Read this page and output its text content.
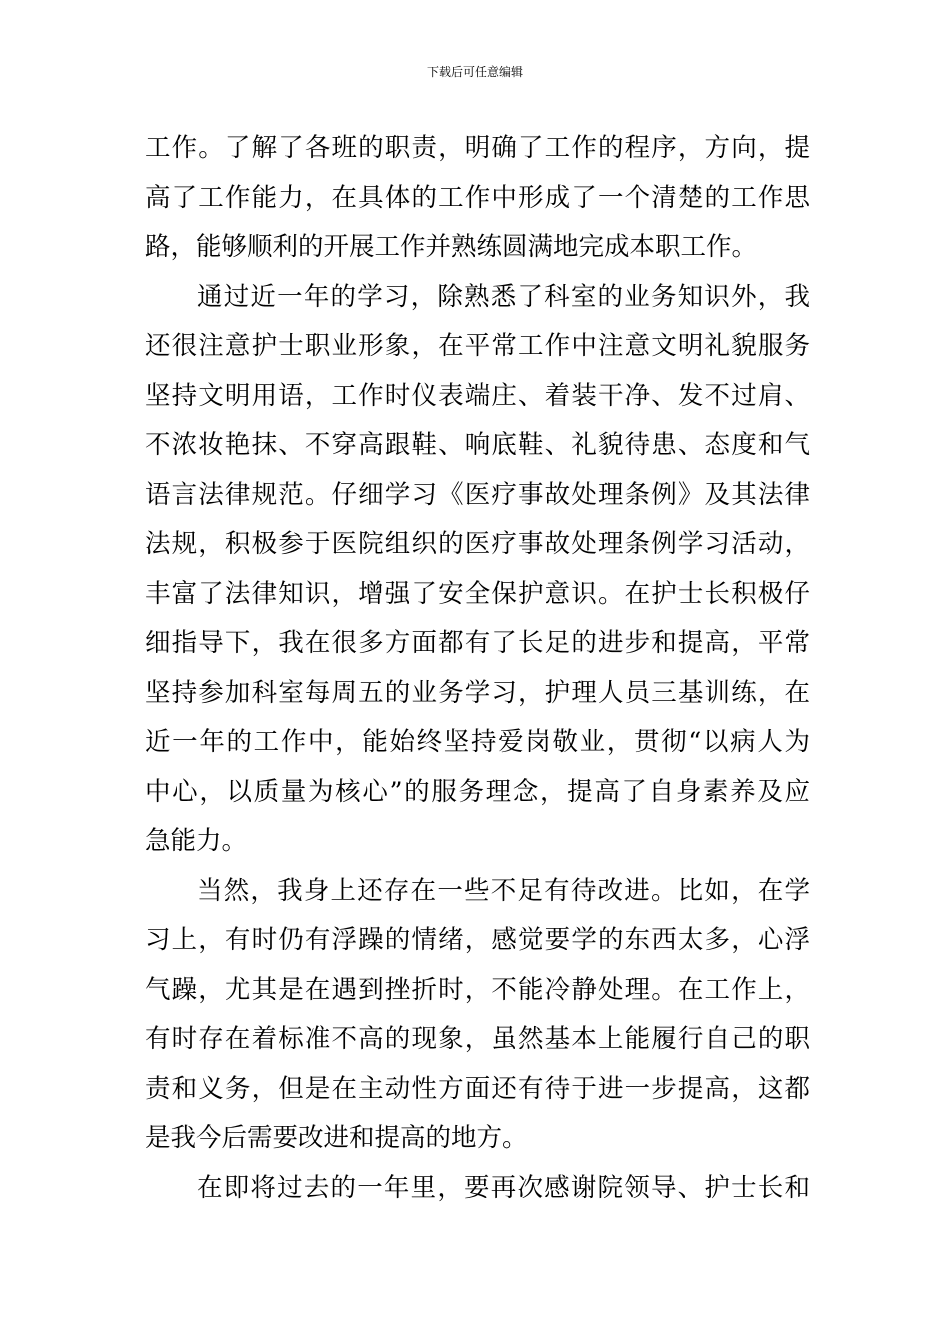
下载后可任意编辑
工作。了解了各班的职责，明确了工作的程序，方向，提
高了工作能力，在具体的工作中形成了一个清楚的工作思
路，能够顺利的开展工作并熟练圆满地完成本职工作。
通过近一年的学习，除熟悉了科室的业务知识外，我
还很注意护士职业形象，在平常工作中注意文明礼貌服务
坚持文明用语，工作时仪表端庄、着装干净、发不过肩、
不浓妆艳抹、不穿高跟鞋、响底鞋、礼貌待患、态度和气
语言法律规范。仔细学习《医疗事故处理条例》及其法律
法规，积极参于医院组织的医疗事故处理条例学习活动，
丰富了法律知识，增强了安全保护意识。在护士长积极仔
细指导下，我在很多方面都有了长足的进步和提高，平常
坚持参加科室每周五的业务学习，护理人员三基训练，在
近一年的工作中，能始终坚持爱岗敬业，贯彻“以病人为
中心，以质量为核心”的服务理念，提高了自身素养及应
急能力。
当然，我身上还存在一些不足有待改进。比如，在学
习上，有时仍有浮躁的情绪，感觉要学的东西太多，心浮
气躁，尤其是在遇到挫折时，不能冷静处理。在工作上，
有时存在着标准不高的现象，虽然基本上能履行自己的职
责和义务，但是在主动性方面还有待于进一步提高，这都
是我今后需要改进和提高的地方。
在即将过去的一年里，要再次感谢院领导、护士长和
